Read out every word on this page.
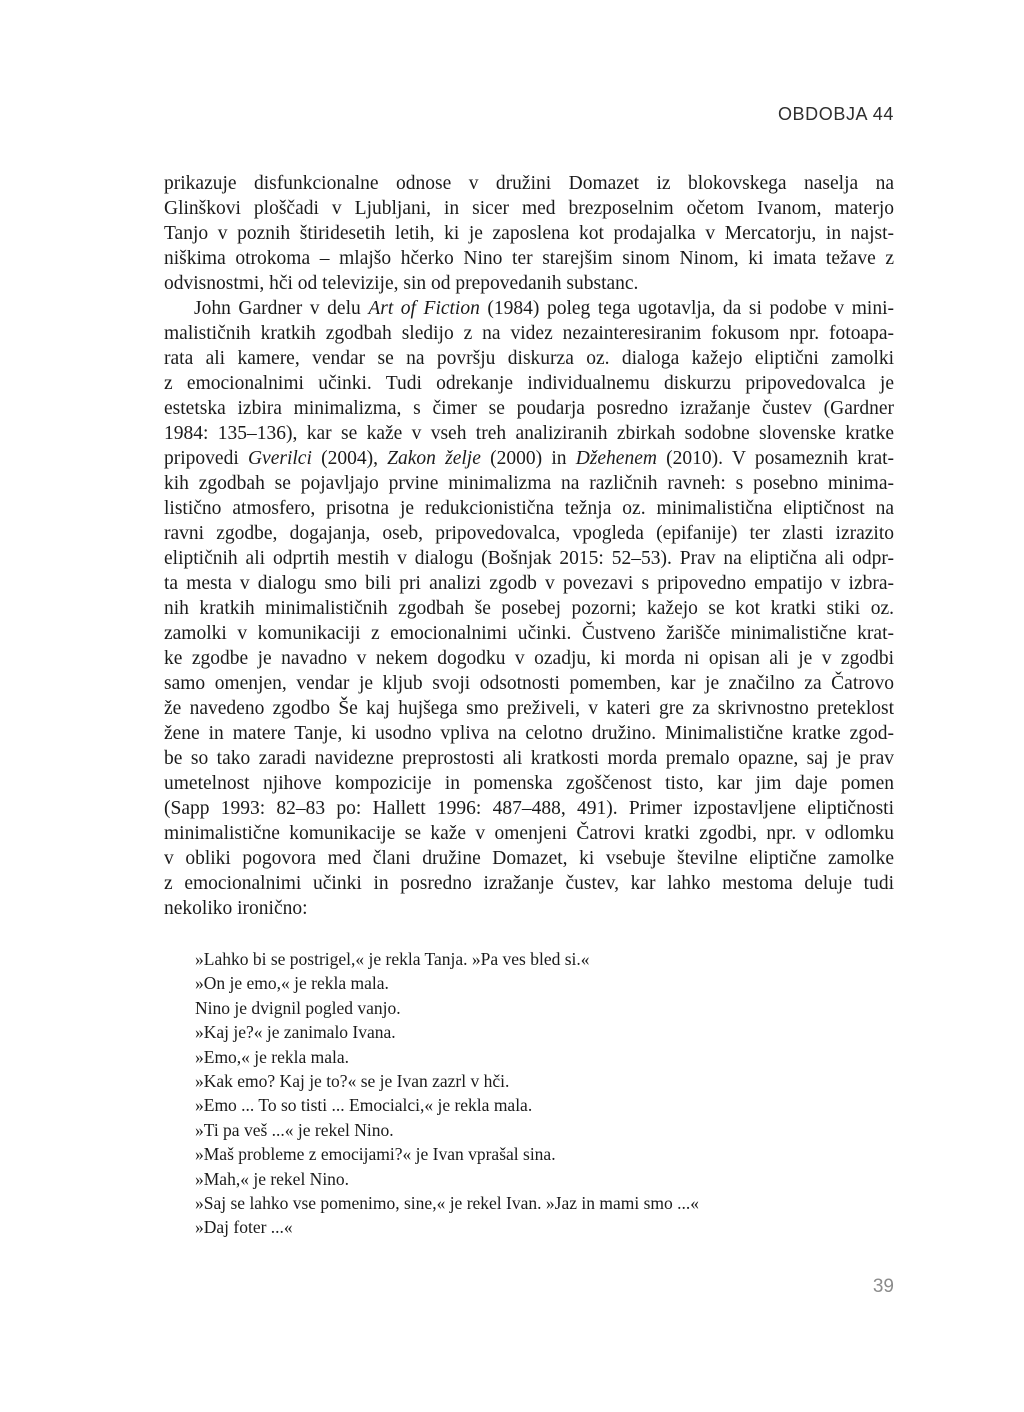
OBDOBJA 44
prikazuje disfunkcionalne odnose v družini Domazet iz blokovskega naselja na
Glinškovi ploščadi v Ljubljani, in sicer med brezposelnim očetom Ivanom, materjo
Tanjo v poznih štiridesetih letih, ki je zaposlena kot prodajalka v Mercatorju, in najst-
niškima otrokoma – mlajšo hčerko Nino ter starejšim sinom Ninom, ki imata težave z
odvisnostmi, hči od televizije, sin od prepovedanih substanc.
John Gardner v delu Art of Fiction (1984) poleg tega ugotavlja, da si podobe v mini-
malističnih kratkih zgodbah sledijo z na videz nezainteresiranim fokusom npr. fotoapa-
rata ali kamere, vendar se na površju diskurza oz. dialoga kažejo eliptični zamolki
z emocionalnimi učinki. Tudi odrekanje individualnemu diskurzu pripovedovalca je
estetska izbira minimalizma, s čimer se poudarja posredno izražanje čustev (Gardner
1984: 135–136), kar se kaže v vseh treh analiziranih zbirkah sodobne slovenske kratke
pripovedi Gverilci (2004), Zakon želje (2000) in Džehenem (2010). V posameznih krat-
kih zgodbah se pojavljajo prvine minimalizma na različnih ravneh: s posebno minima-
listično atmosfero, prisotna je redukcionistična težnja oz. minimalistična eliptičnost na
ravni zgodbe, dogajanja, oseb, pripovedovalca, vpogleda (epifanije) ter zlasti izrazito
eliptičnih ali odprtih mestih v dialogu (Bošnjak 2015: 52–53). Prav na eliptična ali odpr-
ta mesta v dialogu smo bili pri analizi zgodb v povezavi s pripovedno empatijo v izbra-
nih kratkih minimalističnih zgodbah še posebej pozorni; kažejo se kot kratki stiki oz.
zamolki v komunikaciji z emocionalnimi učinki. Čustveno žarišče minimalistične krat-
ke zgodbe je navadno v nekem dogodku v ozadju, ki morda ni opisan ali je v zgodbi
samo omenjen, vendar je kljub svoji odsotnosti pomemben, kar je značilno za Čatrovo
že navedeno zgodbo Še kaj hujšega smo preživeli, v kateri gre za skrivnostno preteklost
žene in matere Tanje, ki usodno vpliva na celotno družino. Minimalistične kratke zgod-
be so tako zaradi navidezne preprostosti ali kratkosti morda premalo opazne, saj je prav
umetelnost njihove kompozicije in pomenska zgoščenost tisto, kar jim daje pomen
(Sapp 1993: 82–83 po: Hallett 1996: 487–488, 491). Primer izpostavljene eliptičnosti
minimalistične komunikacije se kaže v omenjeni Čatrovi kratki zgodbi, npr. v odlomku
v obliki pogovora med člani družine Domazet, ki vsebuje številne eliptične zamolke
z emocionalnimi učinki in posredno izražanje čustev, kar lahko mestoma deluje tudi
nekoliko ironično:
»Lahko bi se postrigel,« je rekla Tanja. »Pa ves bled si.«
»On je emo,« je rekla mala.
Nino je dvignil pogled vanjo.
»Kaj je?« je zanimalo Ivana.
»Emo,« je rekla mala.
»Kak emo? Kaj je to?« se je Ivan zazrl v hči.
»Emo ... To so tisti ... Emocialci,« je rekla mala.
»Ti pa veš ...« je rekel Nino.
»Maš probleme z emocijami?« je Ivan vprašal sina.
»Mah,« je rekel Nino.
»Saj se lahko vse pomenimo, sine,« je rekel Ivan. »Jaz in mami smo ...«
»Daj foter ...«
39
